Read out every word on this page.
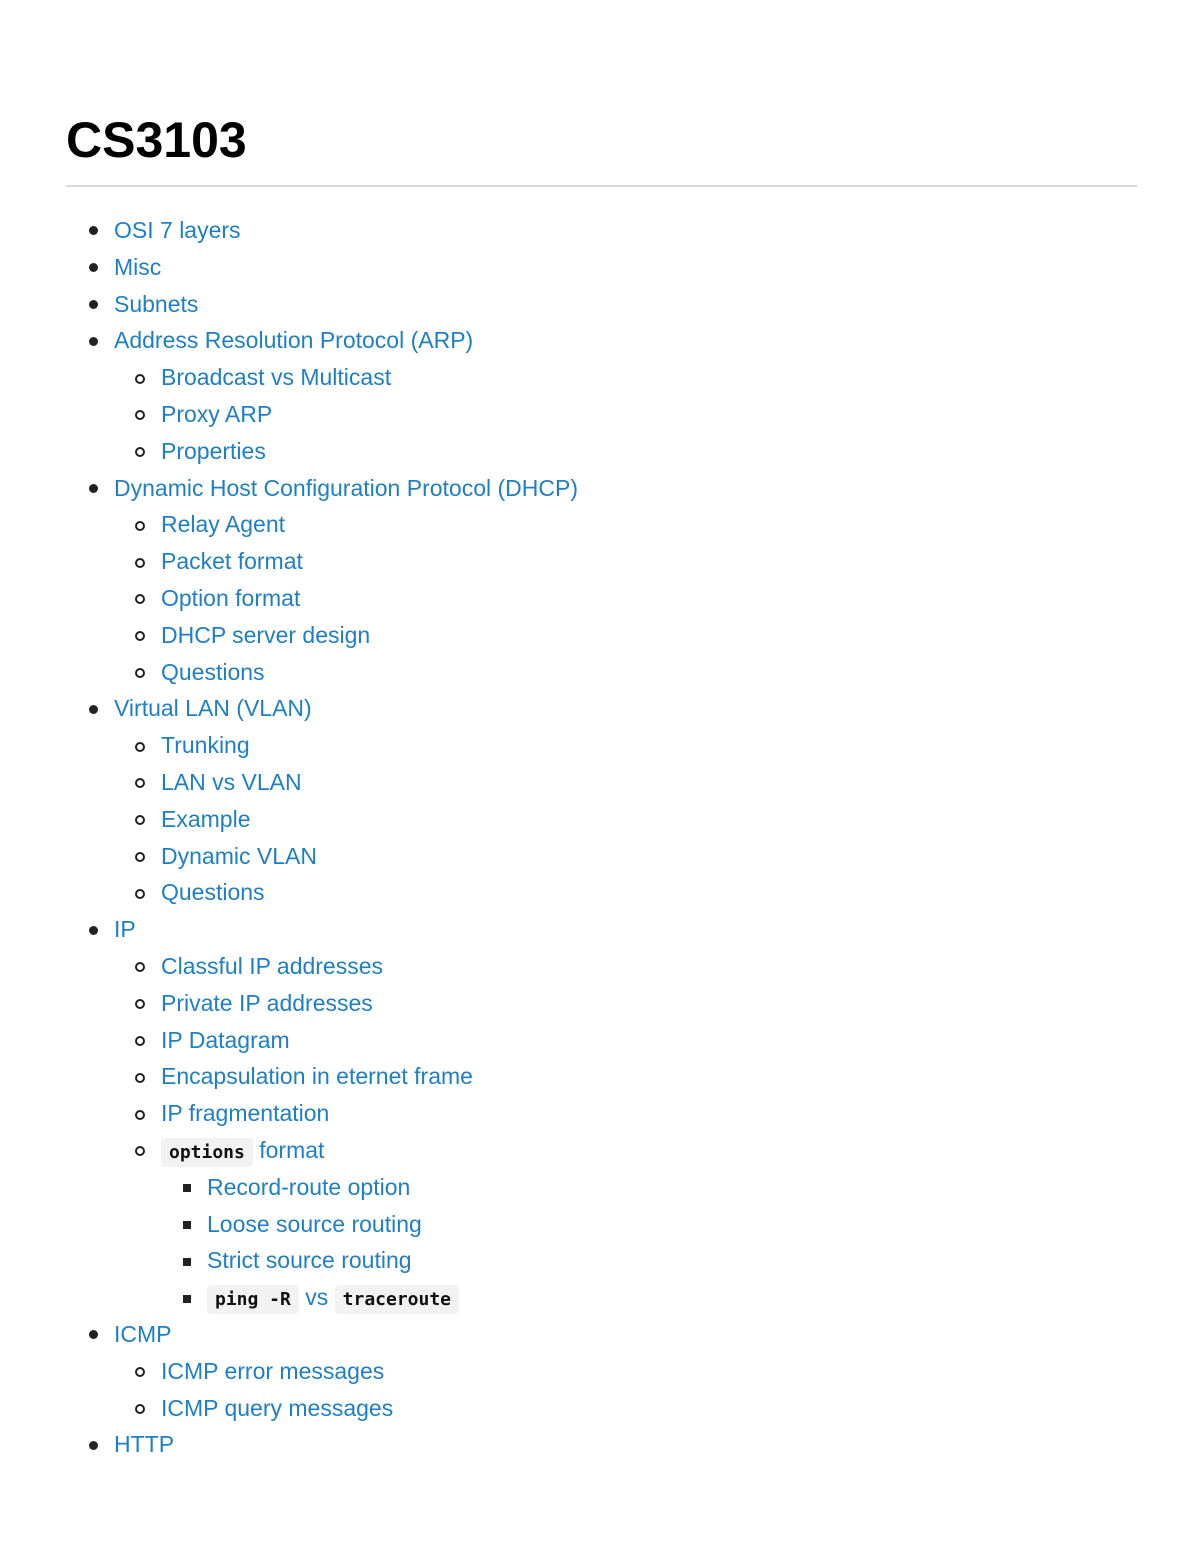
CS3103
OSI 7 layers
Misc
Subnets
Address Resolution Protocol (ARP)
Broadcast vs Multicast
Proxy ARP
Properties
Dynamic Host Configuration Protocol (DHCP)
Relay Agent
Packet format
Option format
DHCP server design
Questions
Virtual LAN (VLAN)
Trunking
LAN vs VLAN
Example
Dynamic VLAN
Questions
IP
Classful IP addresses
Private IP addresses
IP Datagram
Encapsulation in eternet frame
IP fragmentation
options format
Record-route option
Loose source routing
Strict source routing
ping -R vs traceroute
ICMP
ICMP error messages
ICMP query messages
HTTP
